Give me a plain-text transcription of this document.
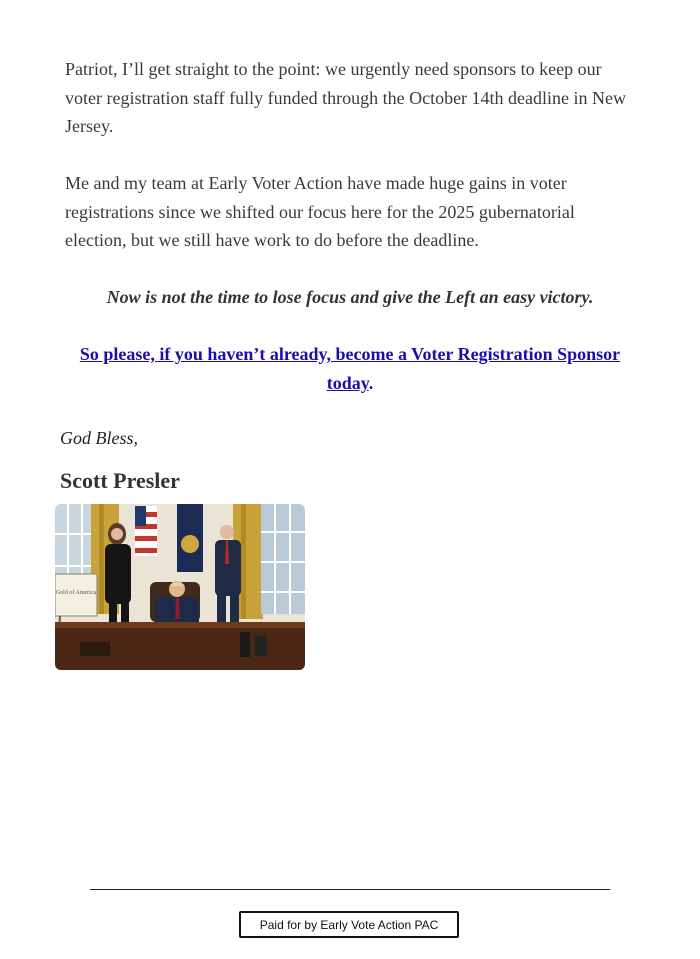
Patriot, I’ll get straight to the point: we urgently need sponsors to keep our voter registration staff fully funded through the October 14th deadline in New Jersey.

Me and my team at Early Voter Action have made huge gains in voter registrations since we shifted our focus here for the 2025 gubernatorial election, but we still have work to do before the deadline.

Now is not the time to lose focus and give the Left an easy victory.

So please, if you haven’t already, become a Voter Registration Sponsor today.

God Bless,

Scott Presler

Gold of America
Paid for by Early Vote Action PAC
